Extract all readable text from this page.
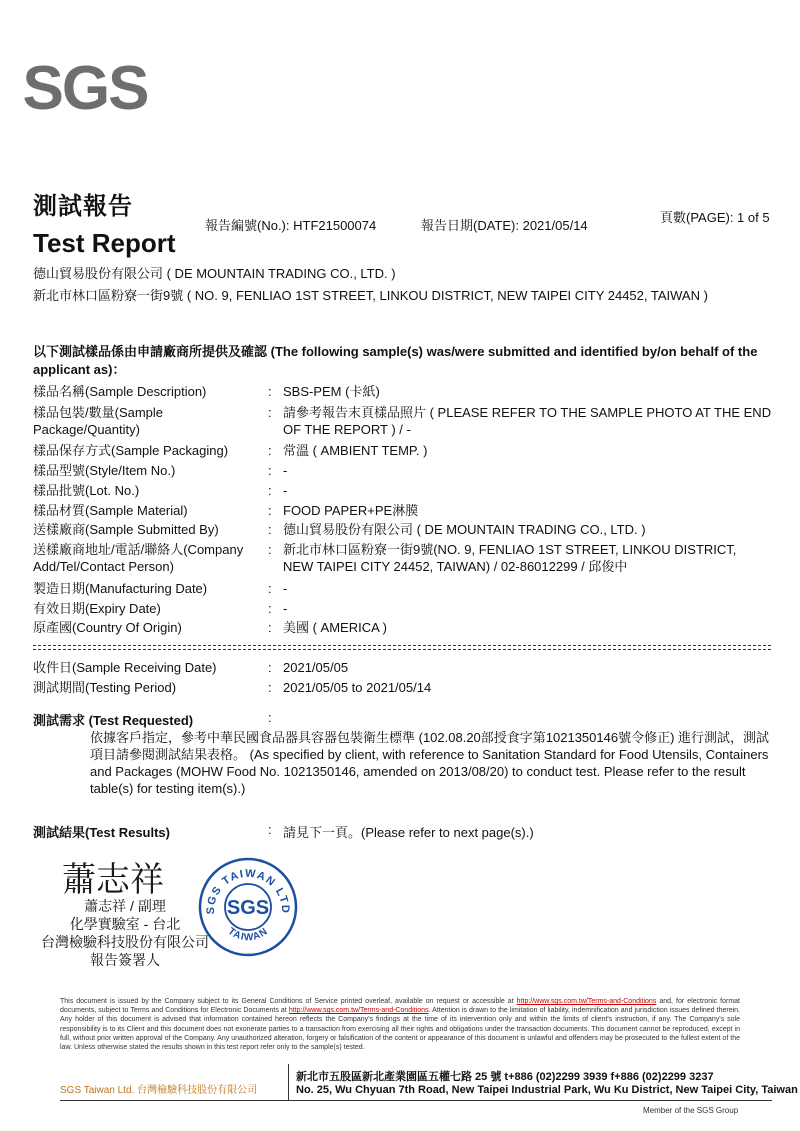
SGS
測試報告
Test Report
報告編號(No.): HTF21500074	報告日期(DATE): 2021/05/14
頁數(PAGE): 1 of 5
德山貿易股份有限公司 ( DE MOUNTAIN TRADING CO., LTD. )
新北市林口區粉寮一街9號 ( NO. 9, FENLIAO 1ST STREET, LINKOU DISTRICT, NEW TAIPEI CITY 24452, TAIWAN )
以下測試樣品係由申請廠商所提供及確認 (The following sample(s) was/were submitted and identified by/on behalf of the applicant as)：
樣品名稱(Sample Description)	: SBS-PEM (卡紙)
樣品包裝/數量(Sample Package/Quantity)
: 請參考報告末頁樣品照片 ( PLEASE REFER TO THE SAMPLE PHOTO AT THE END OF THE REPORT ) / -
樣品保存方式(Sample Packaging)	: 常溫 ( AMBIENT TEMP. )
樣品型號(Style/Item No.)	: -
樣品批號(Lot. No.)	: -
樣品材質(Sample Material)	: FOOD PAPER+PE淋膜
送樣廠商(Sample Submitted By)	: 德山貿易股份有限公司 ( DE MOUNTAIN TRADING CO., LTD. )
送樣廠商地址/電話/聯絡人(Company Add/Tel/Contact Person)
: 新北市林口區粉寮一街9號(NO. 9, FENLIAO 1ST STREET, LINKOU DISTRICT, NEW TAIPEI CITY 24452, TAIWAN) / 02-86012299 / 邱俊中
製造日期(Manufacturing Date)	: -
有效日期(Expiry Date)	: -
原產國(Country Of Origin)	: 美國 ( AMERICA )
收件日(Sample Receiving Date)	: 2021/05/05
測試期間(Testing Period)	: 2021/05/05 to 2021/05/14
測試需求 (Test Requested)	:
依據客戶指定，參考中華民國食品器具容器包裝衛生標準 (102.08.20部授食字第1021350146號令修正) 進行測試，測試項目請參閱測試結果表格。 (As specified by client, with reference to Sanitation Standard for Food Utensils, Containers and Packages (MOHW Food No. 1021350146, amended on 2013/08/20) to conduct test. Please refer to the result table(s) for testing item(s).)
測試結果(Test Results)	: 請見下一頁。(Please refer to next page(s).)
蕭志祥
蕭志祥 / 副理
化學實驗室 - 台北
台灣檢驗科技股份有限公司
報告簽署人
SGS TAIWAN LTD
SGS
TAIWAN
This document is issued by the Company subject to its General Conditions of Service printed overleaf, available on request or accessible at http://www.sgs.com.tw/Terms-and-Conditions and, for electronic format documents, subject to Terms and Conditions for Electronic Documents at http://www.sgs.com.tw/Terms-and-Conditions. Attention is drawn to the limitation of liability, indemnification and jurisdiction issues defined therein. Any holder of this document is advised that information contained hereon reflects the Company's findings at the time of its intervention only and within the limits of client's instruction, if any. The Company's sole responsibility is to its Client and this document does not exonerate parties to a transaction from exercising all their rights and obligations under the transaction documents. This document cannot be reproduced, except in full, without prior written approval of the Company. Any unauthorized alteration, forgery or falsification of the content or appearance of this document is unlawful and offenders may be prosecuted to the fullest extent of the law. Unless otherwise stated the results shown in this test report refer only to the sample(s) tested.
SGS Taiwan Ltd. 台灣檢驗科技股份有限公司
新北市五股區新北產業園區五權七路 25 號 t+886 (02)2299 3939 f+886 (02)2299 3237
No. 25, Wu Chyuan 7th Road, New Taipei Industrial Park, Wu Ku District, New Taipei City, Taiwan
Member of the SGS Group
